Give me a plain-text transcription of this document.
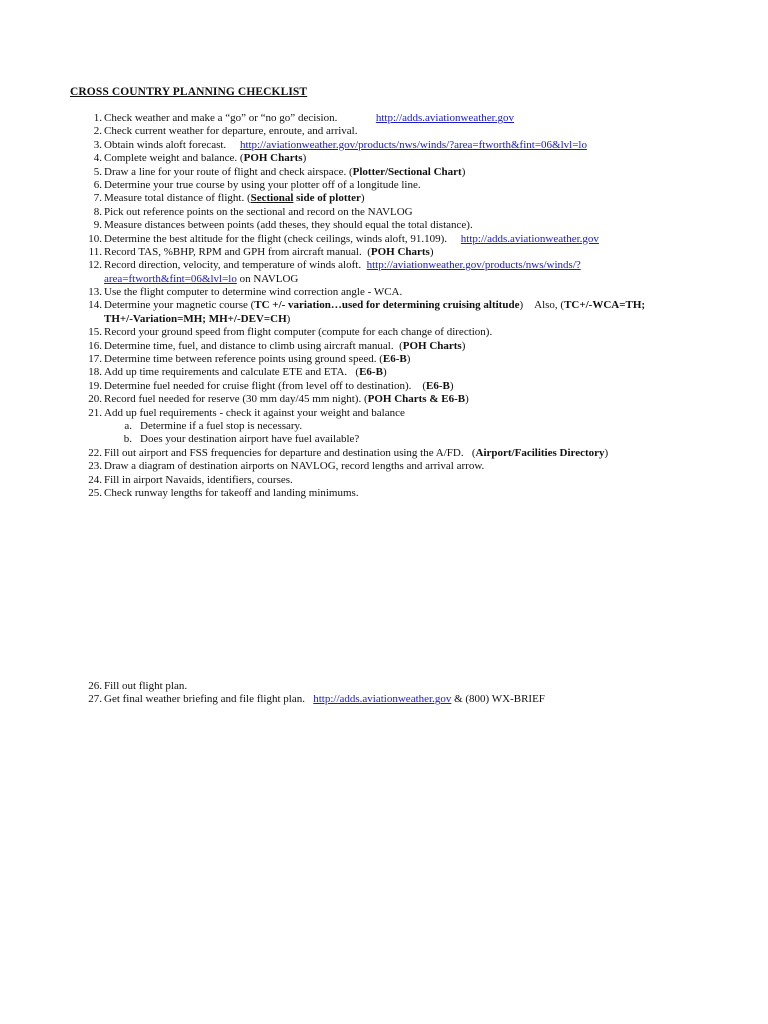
CROSS COUNTRY PLANNING CHECKLIST
1. Check weather and make a “go” or “no go” decision.              http://adds.aviationweather.gov
2. Check current weather for departure, enroute, and arrival.
3. Obtain winds aloft forecast.     http://aviationweather.gov/products/nws/winds/?area=ftworth&fint=06&lvl=lo
4. Complete weight and balance. (POH Charts)
5. Draw a line for your route of flight and check airspace. (Plotter/Sectional Chart)
6. Determine your true course by using your plotter off of a longitude line.
7. Measure total distance of flight. (Sectional side of plotter)
8. Pick out reference points on the sectional and record on the NAVLOG
9. Measure distances between points (add theses, they should equal the total distance).
10. Determine the best altitude for the flight (check ceilings, winds aloft, 91.109).     http://adds.aviationweather.gov
11. Record TAS, %BHP, RPM and GPH from aircraft manual.  (POH Charts)
12. Record direction, velocity, and temperature of winds aloft.  http://aviationweather.gov/products/nws/winds/?
area=ftworth&fint=06&lvl=lo on NAVLOG
13. Use the flight computer to determine wind correction angle - WCA.
14. Determine your magnetic course (TC +/- variation…used for determining cruising altitude)    Also, (TC+/-WCA=TH;
TH+/-Variation=MH; MH+/-DEV=CH)
15. Record your ground speed from flight computer (compute for each change of direction).
16. Determine time, fuel, and distance to climb using aircraft manual.  (POH Charts)
17. Determine time between reference points using ground speed. (E6-B)
18. Add up time requirements and calculate ETE and ETA.   (E6-B)
19. Determine fuel needed for cruise flight (from level off to destination).    (E6-B)
20. Record fuel needed for reserve (30 mm day/45 mm night). (POH Charts & E6-B)
21. Add up fuel requirements - check it against your weight and balance
a. Determine if a fuel stop is necessary.
b. Does your destination airport have fuel available?
22. Fill out airport and FSS frequencies for departure and destination using the A/FD.   (Airport/Facilities Directory)
23. Draw a diagram of destination airports on NAVLOG, record lengths and arrival arrow.
24. Fill in airport Navaids, identifiers, courses.
25. Check runway lengths for takeoff and landing minimums.
26. Fill out flight plan.
27. Get final weather briefing and file flight plan.   http://adds.aviationweather.gov & (800) WX-BRIEF
